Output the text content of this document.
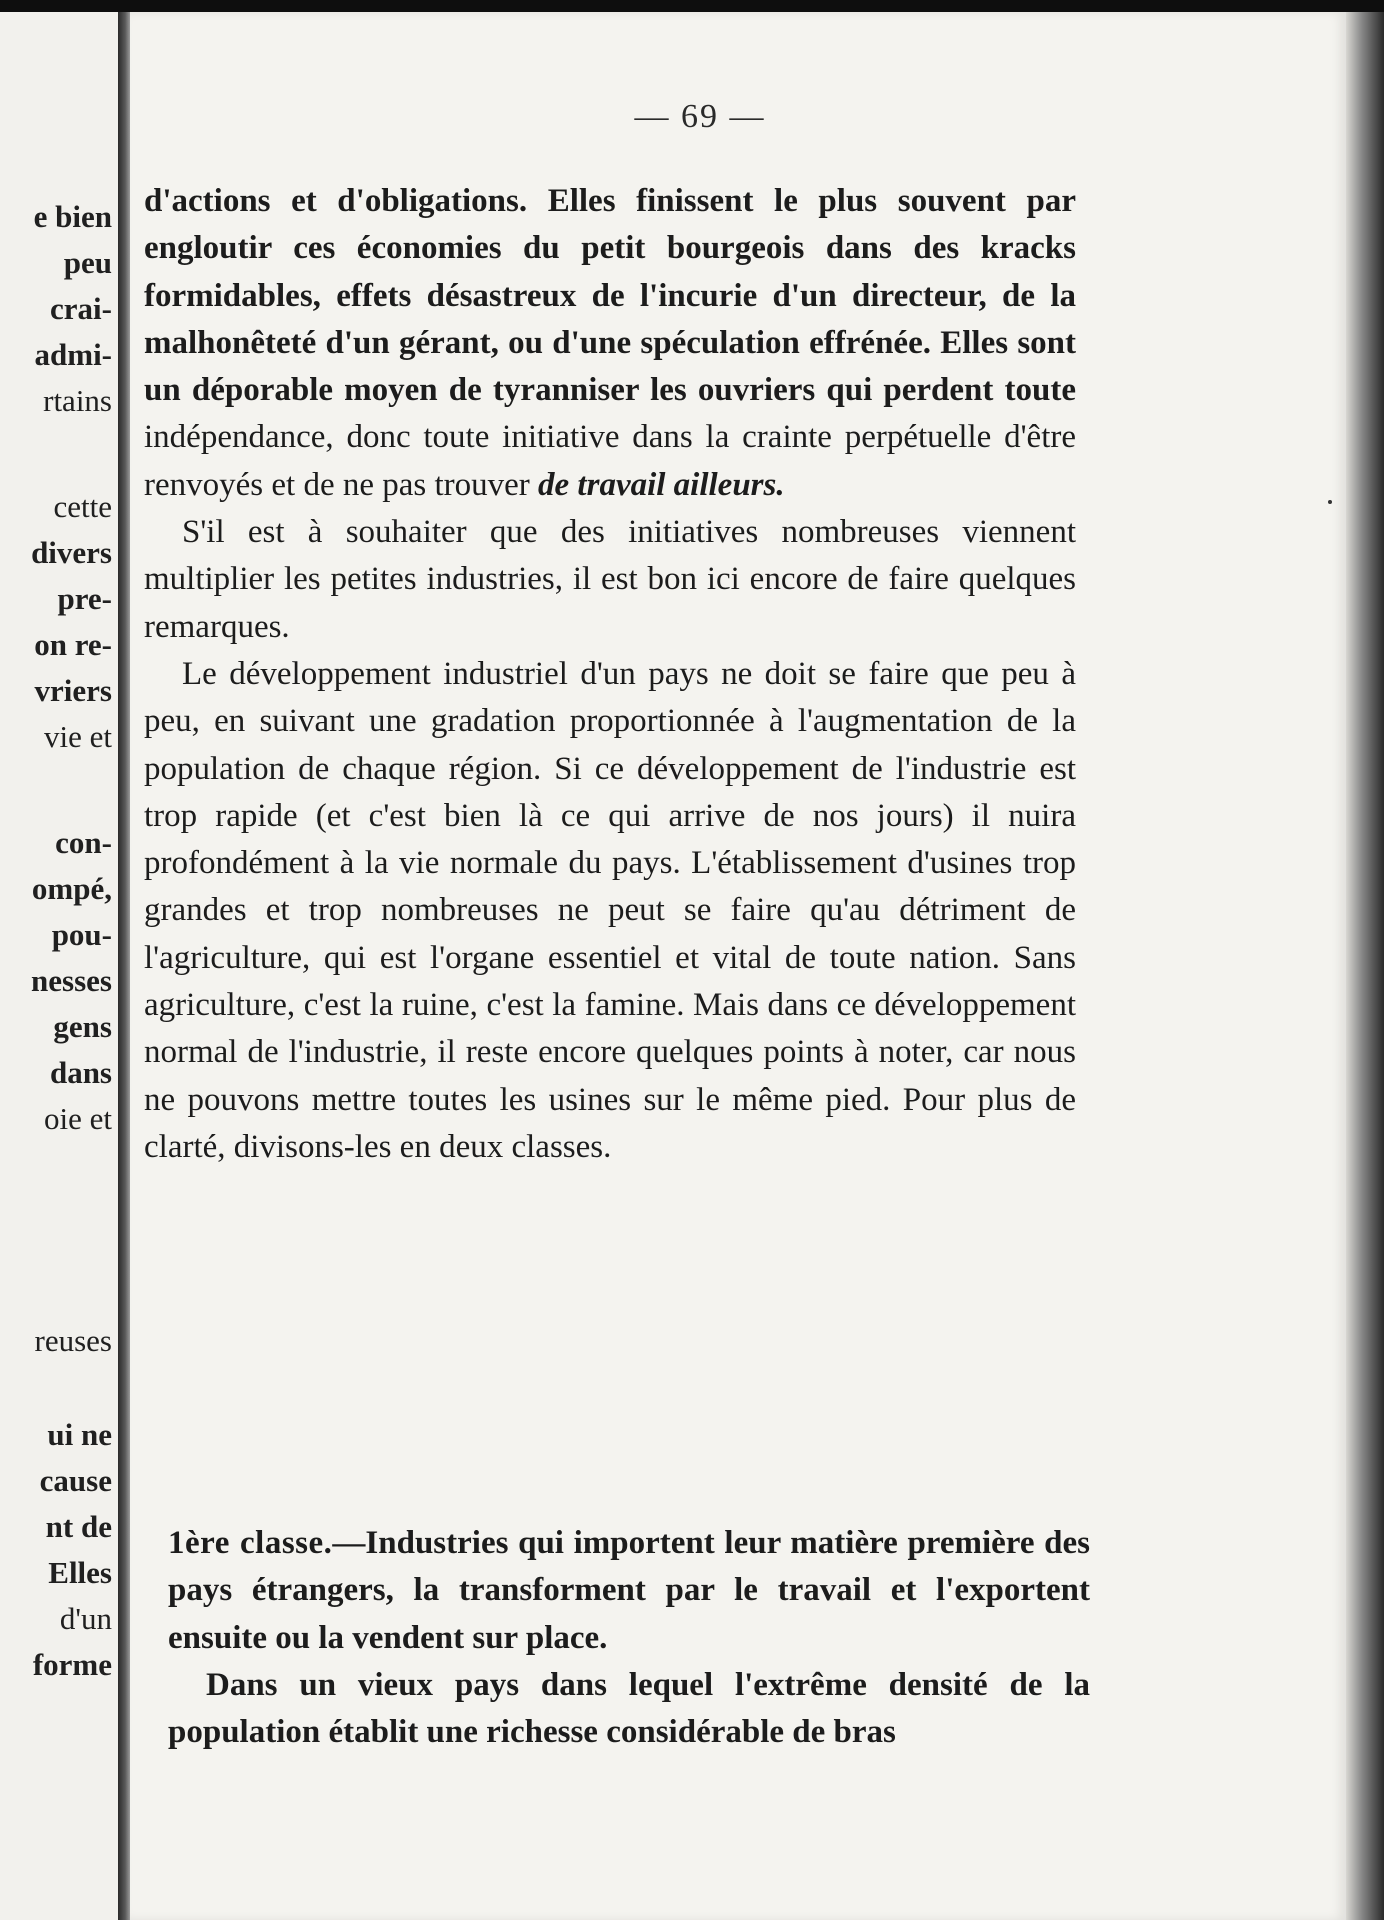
e bien
peu
crai-
admi-
rtains
cette
divers
pre-
on re-
vriers
vie et
con-
ompé,
pou-
nesses
gens
dans
oie et
reuses
ui ne
cause
nt de
Elles
d'un
forme
— 69 —

d'actions et d'obligations. Elles finissent le plus souvent par engloutir ces économies du petit bourgeois dans des kracks formidables, effets désastreux de l'incurie d'un directeur, de la malhonêteté d'un gérant, ou d'une spéculation effrénée. Elles sont un déporable moyen de tyranniser les ouvriers qui perdent toute indépendance, donc toute initiative dans la crainte perpétuelle d'être renvoyés et de ne pas trouver de travail ailleurs.

S'il est à souhaiter que des initiatives nombreuses viennent multiplier les petites industries, il est bon ici encore de faire quelques remarques.

Le développement industriel d'un pays ne doit se faire que peu à peu, en suivant une gradation proportionnée à l'augmentation de la population de chaque région. Si ce développement de l'industrie est trop rapide (et c'est bien là ce qui arrive de nos jours) il nuira profondément à la vie normale du pays. L'établissement d'usines trop grandes et trop nombreuses ne peut se faire qu'au détriment de l'agriculture, qui est l'organe essentiel et vital de toute nation. Sans agriculture, c'est la ruine, c'est la famine. Mais dans ce développement normal de l'industrie, il reste encore quelques points à noter, car nous ne pouvons mettre toutes les usines sur le même pied. Pour plus de clarté, divisons-les en deux classes.

1ère classe.—Industries qui importent leur matière première des pays étrangers, la transforment par le travail et l'exportent ensuite ou la vendent sur place.

Dans un vieux pays dans lequel l'extrême densité de la population établit une richesse considérable de bras
